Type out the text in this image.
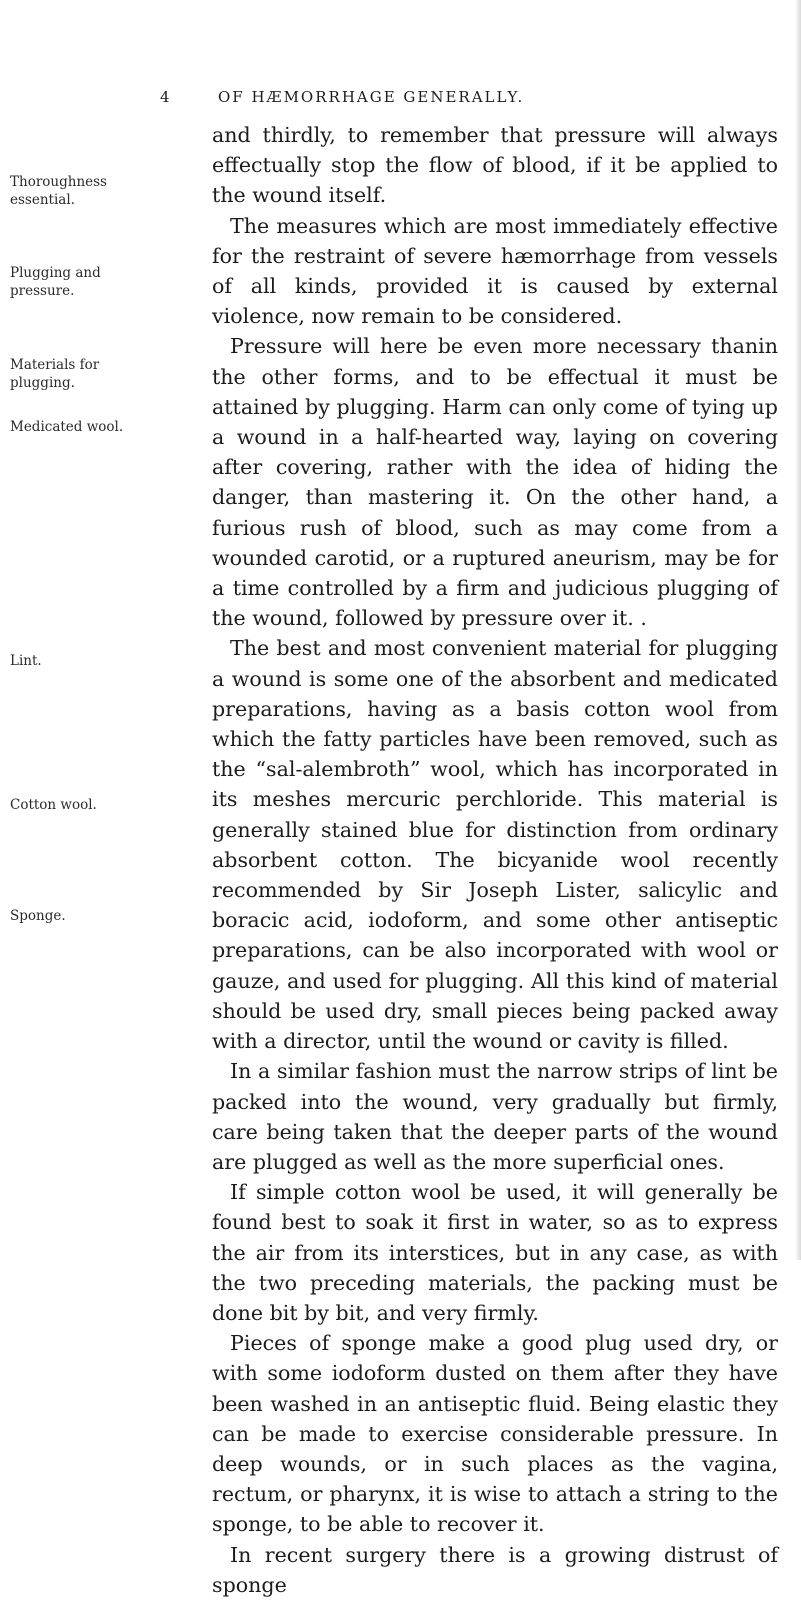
4	OF HÆMORRHAGE GENERALLY.
Thoroughness essential.
Plugging and pressure.
Materials for plugging.
Medicated wool.
Lint.
Cotton wool.
Sponge.

and thirdly, to remember that pressure will always effectually stop the flow of blood, if it be applied to the wound itself.

The measures which are most immediately effective for the restraint of severe hæmorrhage from vessels of all kinds, provided it is caused by external violence, now remain to be considered.

Pressure will here be even more necessary thanin the other forms, and to be effectual it must be attained by plugging. Harm can only come of tying up a wound in a half-hearted way, laying on covering after covering, rather with the idea of hiding the danger, than mastering it. On the other hand, a furious rush of blood, such as may come from a wounded carotid, or a ruptured aneurism, may be for a time controlled by a firm and judicious plugging of the wound, followed by pressure over it. .

The best and most convenient material for plugging a wound is some one of the absorbent and medicated preparations, having as a basis cotton wool from which the fatty particles have been removed, such as the “sal-alembroth” wool, which has incorporated in its meshes mercuric perchloride. This material is generally stained blue for distinction from ordinary absorbent cotton. The bicyanide wool recently recommended by Sir Joseph Lister, salicylic and boracic acid, iodoform, and some other antiseptic preparations, can be also incorporated with wool or gauze, and used for plugging. All this kind of material should be used dry, small pieces being packed away with a director, until the wound or cavity is filled.

In a similar fashion must the narrow strips of lint be packed into the wound, very gradually but firmly, care being taken that the deeper parts of the wound are plugged as well as the more superficial ones.

If simple cotton wool be used, it will generally be found best to soak it first in water, so as to express the air from its interstices, but in any case, as with the two preceding materials, the packing must be done bit by bit, and very firmly.

Pieces of sponge make a good plug used dry, or with some iodoform dusted on them after they have been washed in an antiseptic fluid. Being elastic they can be made to exercise considerable pressure. In deep wounds, or in such places as the vagina, rectum, or pharynx, it is wise to attach a string to the sponge, to be able to recover it.

In recent surgery there is a growing distrust of sponge
